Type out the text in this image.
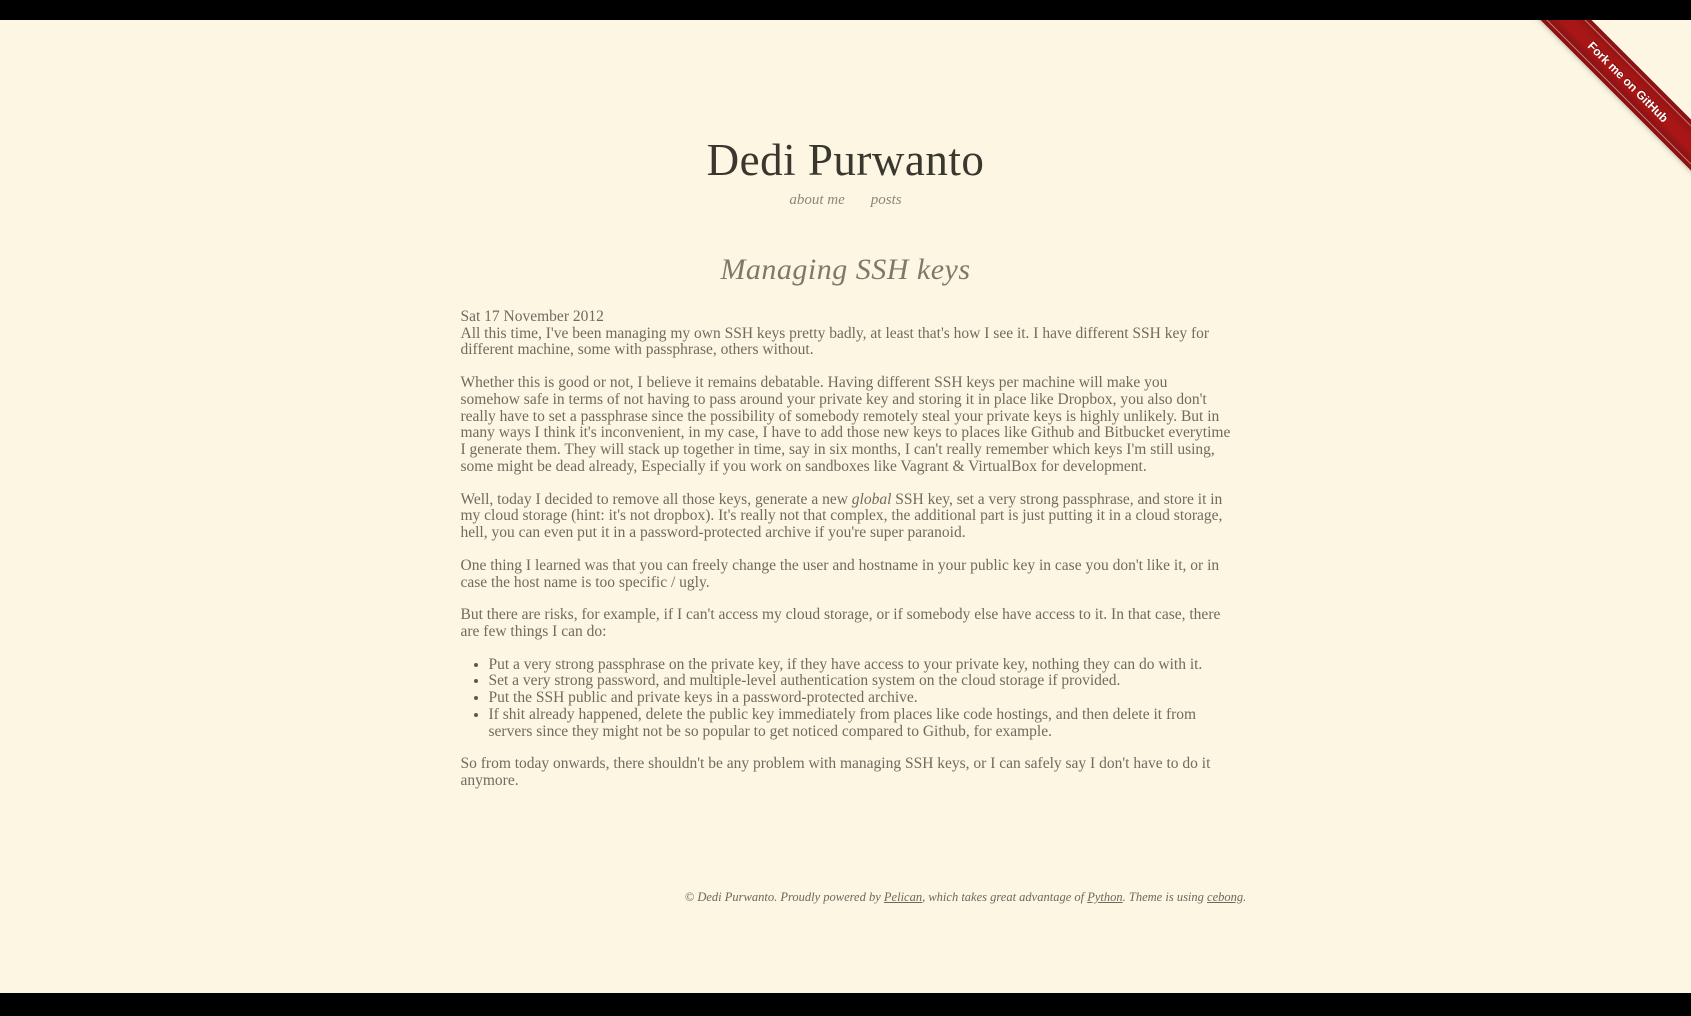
Fork me on GitHub
Dedi Purwanto
about me posts
Managing SSH keys

Sat 17 November 2012

All this time, I've been managing my own SSH keys pretty badly, at least that's how I see it. I have different SSH key for different machine, some with passphrase, others without.

Whether this is good or not, I believe it remains debatable. Having different SSH keys per machine will make you somehow safe in terms of not having to pass around your private key and storing it in place like Dropbox, you also don't really have to set a passphrase since the possibility of somebody remotely steal your private keys is highly unlikely. But in many ways I think it's inconvenient, in my case, I have to add those new keys to places like Github and Bitbucket everytime I generate them. They will stack up together in time, say in six months, I can't really remember which keys I'm still using, some might be dead already, Especially if you work on sandboxes like Vagrant & VirtualBox for development.

Well, today I decided to remove all those keys, generate a new global SSH key, set a very strong passphrase, and store it in my cloud storage (hint: it's not dropbox). It's really not that complex, the additional part is just putting it in a cloud storage, hell, you can even put it in a password-protected archive if you're super paranoid.

One thing I learned was that you can freely change the user and hostname in your public key in case you don't like it, or in case the host name is too specific / ugly.

But there are risks, for example, if I can't access my cloud storage, or if somebody else have access to it. In that case, there are few things I can do:

• Put a very strong passphrase on the private key, if they have access to your private key, nothing they can do with it.
• Set a very strong password, and multiple-level authentication system on the cloud storage if provided.
• Put the SSH public and private keys in a password-protected archive.
• If shit already happened, delete the public key immediately from places like code hostings, and then delete it from servers since they might not be so popular to get noticed compared to Github, for example.

So from today onwards, there shouldn't be any problem with managing SSH keys, or I can safely say I don't have to do it anymore.

© Dedi Purwanto. Proudly powered by Pelican, which takes great advantage of Python. Theme is using cebong.
